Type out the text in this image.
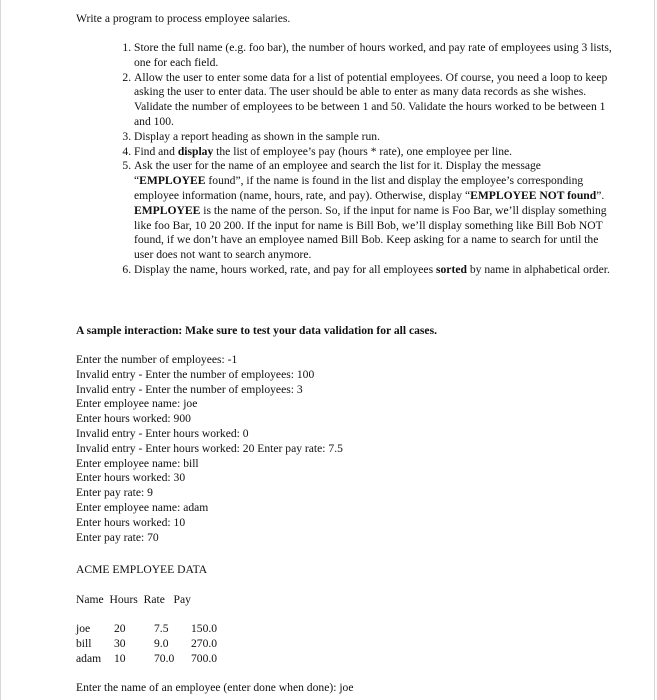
Write a program to process employee salaries.
1. Store the full name (e.g. foo bar), the number of hours worked, and pay rate of employees using 3 lists, one for each field.
2. Allow the user to enter some data for a list of potential employees. Of course, you need a loop to keep asking the user to enter data. The user should be able to enter as many data records as she wishes. Validate the number of employees to be between 1 and 50. Validate the hours worked to be between 1 and 100.
3. Display a report heading as shown in the sample run.
4. Find and display the list of employee’s pay (hours * rate), one employee per line.
5. Ask the user for the name of an employee and search the list for it. Display the message “EMPLOYEE found”, if the name is found in the list and display the employee’s corresponding employee information (name, hours, rate, and pay). Otherwise, display “EMPLOYEE NOT found”. EMPLOYEE is the name of the person. So, if the input for name is Foo Bar, we’ll display something like foo Bar, 10 20 200. If the input for name is Bill Bob, we’ll display something like Bill Bob NOT found, if we don’t have an employee named Bill Bob. Keep asking for a name to search for until the user does not want to search anymore.
6. Display the name, hours worked, rate, and pay for all employees sorted by name in alphabetical order.
A sample interaction: Make sure to test your data validation for all cases.
Enter the number of employees: -1
Invalid entry - Enter the number of employees: 100
Invalid entry - Enter the number of employees: 3
Enter employee name: joe
Enter hours worked: 900
Invalid entry - Enter hours worked: 0
Invalid entry - Enter hours worked: 20 Enter pay rate: 7.5
Enter employee name: bill
Enter hours worked: 30
Enter pay rate: 9
Enter employee name: adam
Enter hours worked: 10
Enter pay rate: 70
ACME EMPLOYEE DATA
Name  Hours  Rate   Pay
joe	20	7.5	150.0
bill	30	9.0	270.0
adam	10	70.0	700.0
Enter the name of an employee (enter done when done): joe
